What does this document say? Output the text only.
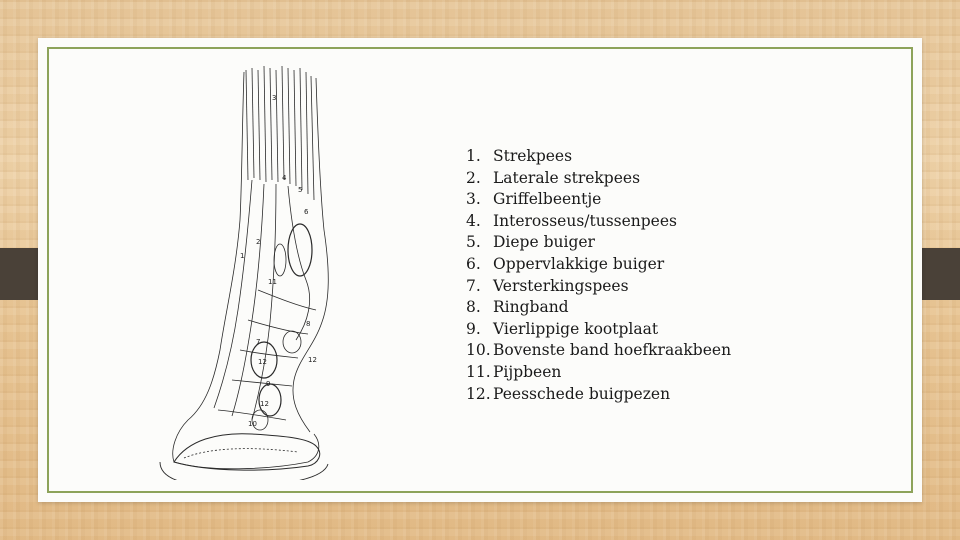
3
4
5
6
2
1
11
8
7
12
12
9
12
10
1. Strekpees
2. Laterale strekpees
3. Griffelbeentje
4. Interosseus/tussenpees
5. Diepe buiger
6. Oppervlakkige buiger
7. Versterkingspees
8. Ringband
9. Vierlippige kootplaat
10. Bovenste band hoefkraakbeen
11. Pijpbeen
12. Peesschede buigpezen
